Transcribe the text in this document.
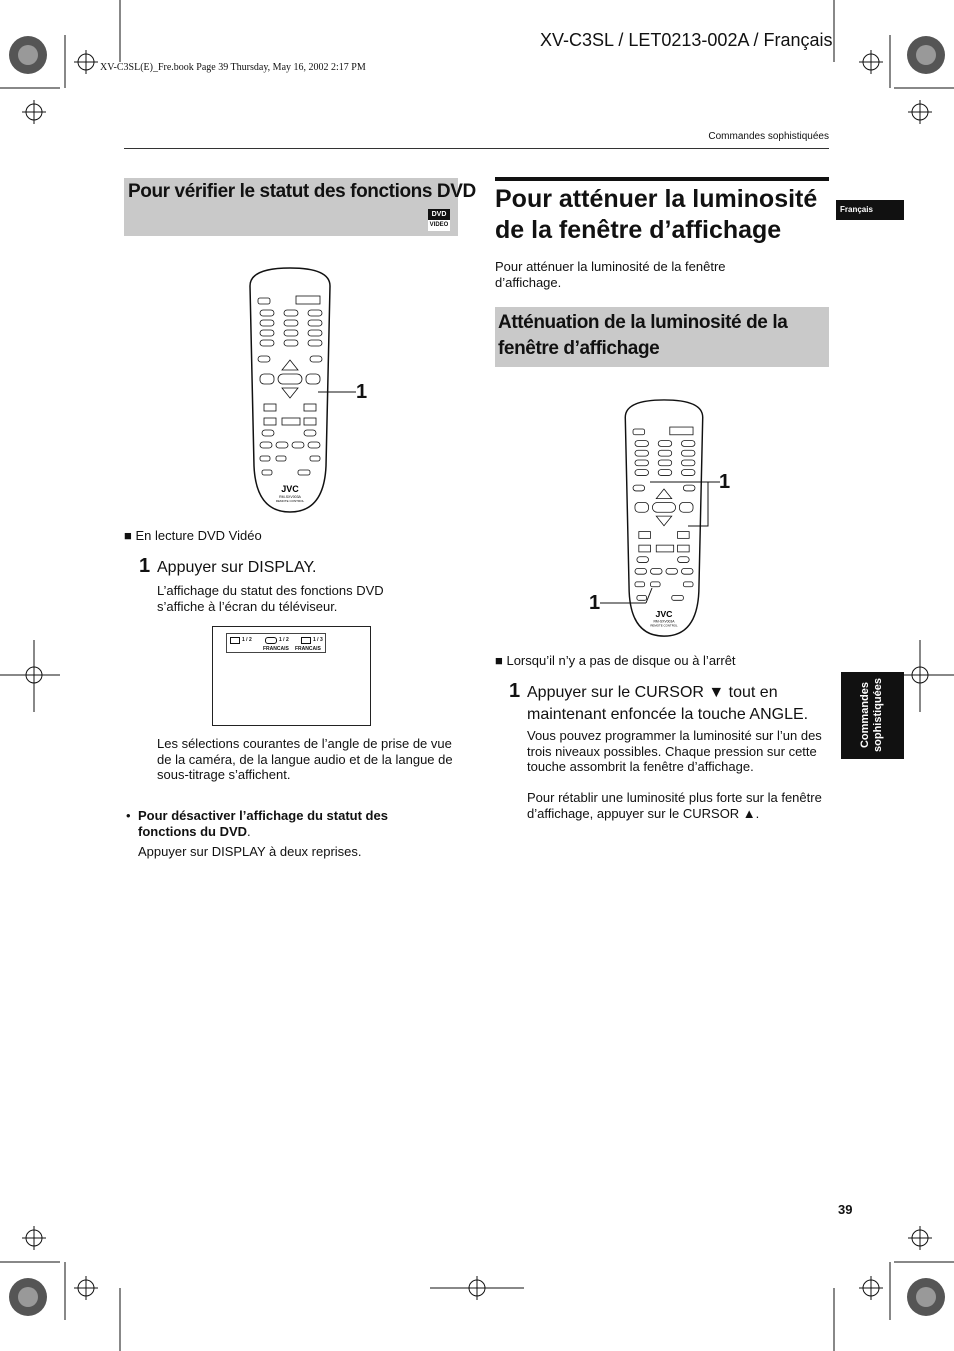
XV-C3SL / LET0213-002A / Français
XV-C3SL(E)_Fre.book Page 39 Thursday, May 16, 2002 2:17 PM
Commandes sophistiquées
Français
Commandes sophistiquées
Pour vérifier le statut des fonctions DVD
DVD
VIDEO
JVC
RM-SXV003A
REMOTE CONTROL
1
■ En lecture DVD Vidéo
1 Appuyer sur DISPLAY.
L’affichage du statut des fonctions DVD s’affiche à l’écran du téléviseur.
1 / 2	1 / 2	1 / 3
FRANCAIS FRANCAIS
Les sélections courantes de l’angle de prise de vue de la caméra, de la langue audio et de la langue de sous-titrage s’affichent.
• Pour désactiver l’affichage du statut des fonctions du DVD.
Appuyer sur DISPLAY à deux reprises.
Pour atténuer la luminosité
de la fenêtre d’affichage
Pour atténuer la luminosité de la fenêtre d’affichage.
Atténuation de la luminosité de la
fenêtre d’affichage
JVC
RM-SXV003A
REMOTE CONTROL
1
1
■ Lorsqu’il n’y a pas de disque ou à l’arrêt
1 Appuyer sur le CURSOR ▼ tout en
maintenant enfoncée la touche ANGLE.
Vous pouvez programmer la luminosité sur l’un des trois niveaux possibles. Chaque pression sur cette touche assombrit la fenêtre d’affichage.
Pour rétablir une luminosité plus forte sur la fenêtre d’affichage, appuyer sur le CURSOR ▲.
39
